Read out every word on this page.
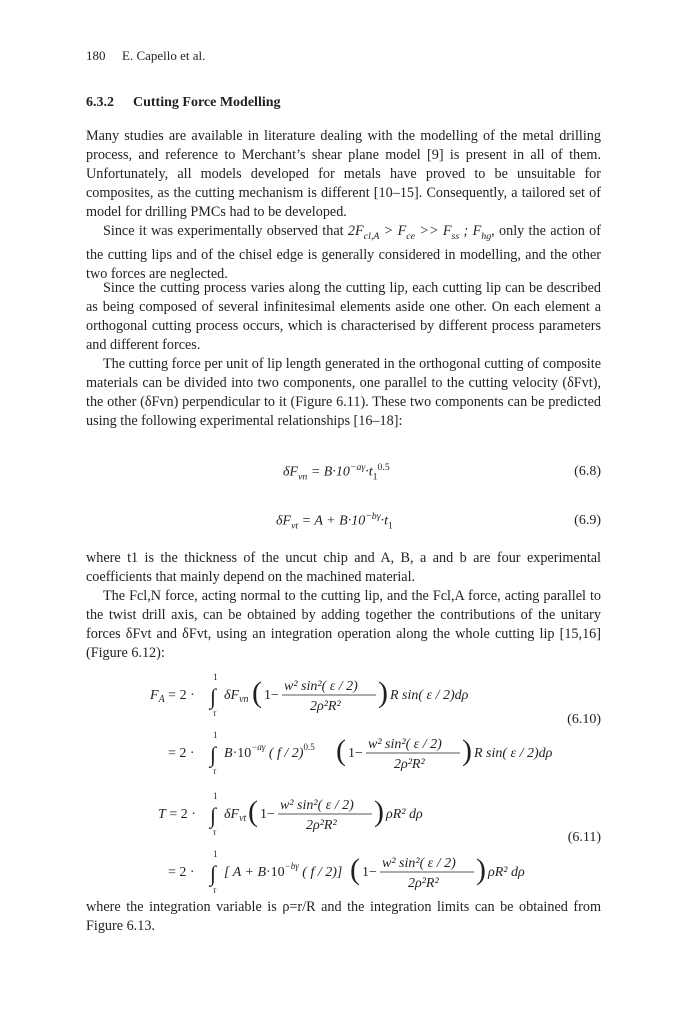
180 E. Capello et al.
6.3.2 Cutting Force Modelling

Many studies are available in literature dealing with the modelling of the metal drilling process, and reference to Merchant’s shear plane model [9] is present in all of them. Unfortunately, all models developed for metals have proved to be unsuitable for composites, as the cutting mechanism is different [10–15]. Consequently, a tailored set of model for drilling PMCs had to be developed.

Since it was experimentally observed that $2F_{cl,A} > F_{ce} >> F_{ss}$ ; $F_{hg}$, only the action of the cutting lips and of the chisel edge is generally considered in modelling, and the other two forces are neglected.

Since the cutting process varies along the cutting lip, each cutting lip can be described as being composed of several infinitesimal elements aside one other. On each element a orthogonal cutting process occurs, which is characterised by different process parameters and different forces.

The cutting force per unit of lip length generated in the orthogonal cutting of composite materials can be divided into two components, one parallel to the cutting velocity (δFvt), the other (δFvn) perpendicular to it (Figure 6.11). These two components can be predicted using the following experimental relationships [16–18]:

$\delta F_{vn} = B\cdot 10^{-a\gamma}\cdot t_1^{0.5}$	(6.8)
$\delta F_{vt} = A + B\cdot 10^{-b\gamma}\cdot t_1$	(6.9)

where t1 is the thickness of the uncut chip and A, B, a and b are four experimental coefficients that mainly depend on the machined material.

The Fcl,N force, acting normal to the cutting lip, and the Fcl,A force, acting parallel to the twist drill axis, can be obtained by adding together the contributions of the unitary forces δFvt and δFvt, using an integration operation along the whole cutting lip [15,16] (Figure 6.12):

$F_A = 2$ · ∫
1
τ
$\delta F_{vn}$ ( 1−
w² sin²( ε / 2)
2ρ²R² ) R sin( ε / 2)dρ
= 2 · ∫
1
τ
$B\cdot 10^{-a\gamma}$ ( f / 2)$^{0.5}$ ( 1−
w² sin²( ε / 2)
2ρ²R² ) R sin( ε / 2)dρ
(6.10)
T = 2 · ∫
1
τ
$\delta F_{vt}$ ( 1−
w² sin²( ε / 2)
2ρ²R² ) ρR² dρ
= 2 · ∫
1
τ
[ $A + B\cdot 10^{-b\gamma}$ ( f / 2)] ( 1−
w² sin²( ε / 2)
2ρ²R² ) ρR² dρ
(6.11)

where the integration variable is ρ=r/R and the integration limits can be obtained from Figure 6.13.
